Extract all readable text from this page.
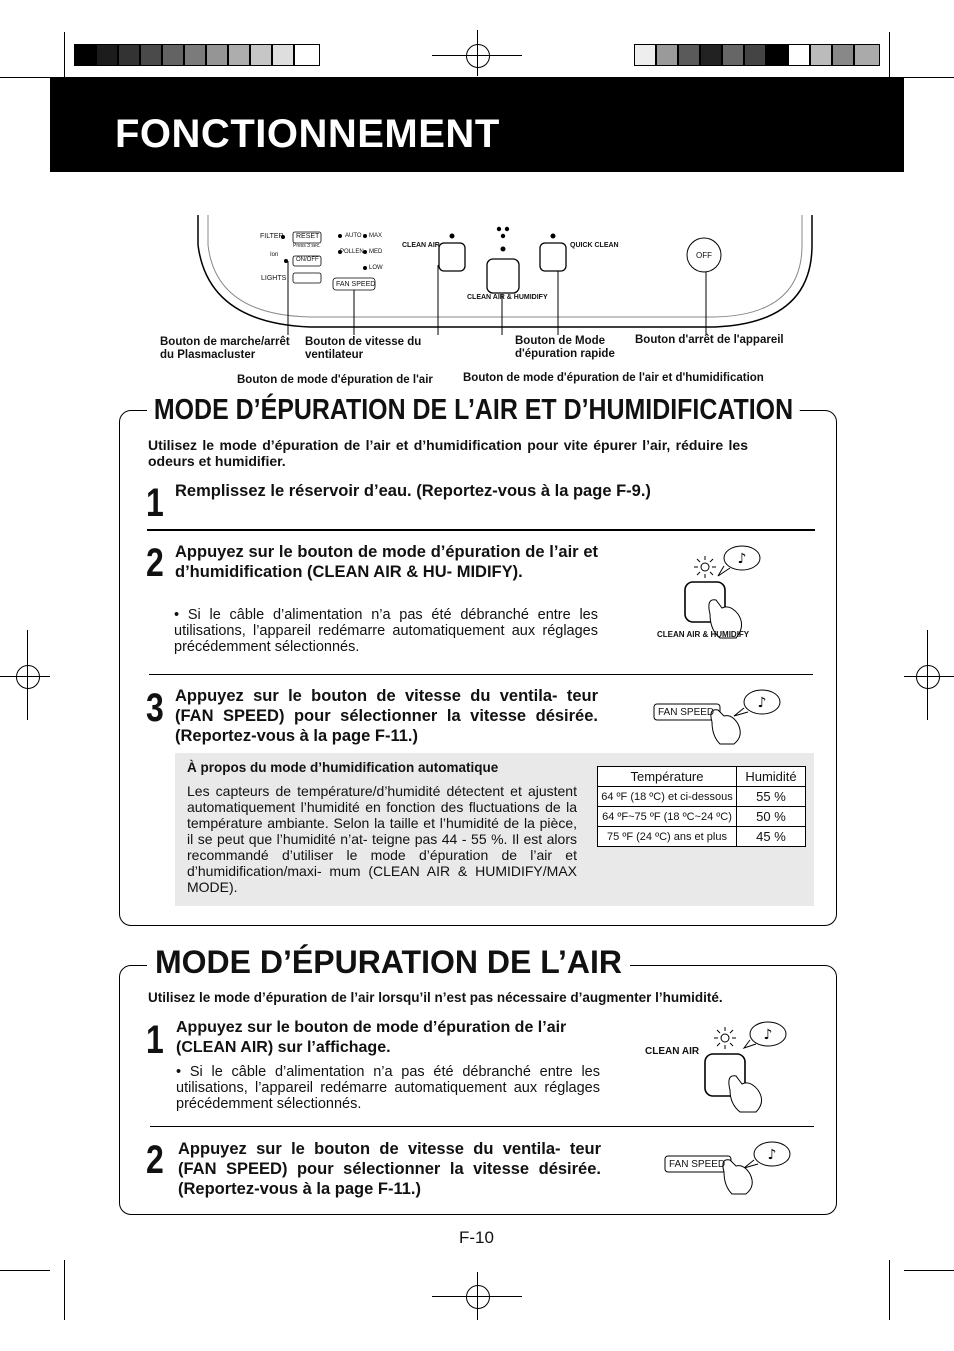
FONCTIONNEMENT
FILTER RESET
Press 3 sec.
Ion
ON/OFF
LIGHTS
AUTO MAX
POLLEN MED
LOW
FAN SPEED
CLEAN AIR
CLEAN AIR & HUMIDIFY
QUICK CLEAN
OFF
Bouton de marche/arrêt du Plasmacluster
Bouton de vitesse du ventilateur
Bouton de mode d'épuration de l'air
Bouton de Mode d'épuration rapide
Bouton d'arrêt de l'appareil
Bouton de mode d'épuration de l'air et d'humidification
MODE D’ÉPURATION DE L’AIR ET D’HUMIDIFICATION
Utilisez le mode d’épuration de l’air et d’humidification pour vite épurer l’air, réduire les odeurs et humidifier.
1 Remplissez le réservoir d’eau. (Reportez-vous à la page F-9.)
2 Appuyez sur le bouton de mode d’épuration de l’air et d’humidification (CLEAN AIR & HU- MIDIFY).
• Si le câble d’alimentation n’a pas été débranché entre les utilisations, l’appareil redémarre automatiquement aux réglages précédemment sélectionnés.
♪
CLEAN AIR & HUMIDIFY
3 Appuyez sur le bouton de vitesse du ventila- teur (FAN SPEED) pour sélectionner la vitesse désirée. (Reportez-vous à la page F-11.)
♪
FAN SPEED
À propos du mode d’humidification automatique
Les capteurs de température/d’humidité détectent et ajustent automatiquement l’humidité en fonction des fluctuations de la température ambiante. Selon la taille et l’humidité de la pièce, il se peut que l’humidité n’at- teigne pas 44 - 55 %. Il est alors recommandé d’utiliser le mode d’épuration de l’air et d’humidification/maxi- mum (CLEAN AIR & HUMIDIFY/MAX MODE).
Température	Humidité
64 ºF (18 ºC) et ci-dessous	55 %
64 ºF~75 ºF (18 ºC~24 ºC)	50 %
75 ºF (24 ºC) ans et plus	45 %
MODE D’ÉPURATION DE L’AIR
Utilisez le mode d’épuration de l’air lorsqu’il n’est pas nécessaire d’augmenter l’humidité.
1 Appuyez sur le bouton de mode d’épuration de l’air (CLEAN AIR) sur l’affichage.
• Si le câble d’alimentation n’a pas été débranché entre les utilisations, l’appareil redémarre automatiquement aux réglages précédemment sélectionnés.
♪
CLEAN AIR
2 Appuyez sur le bouton de vitesse du ventila- teur (FAN SPEED) pour sélectionner la vitesse désirée. (Reportez-vous à la page F-11.)
♪
FAN SPEED
F-10
